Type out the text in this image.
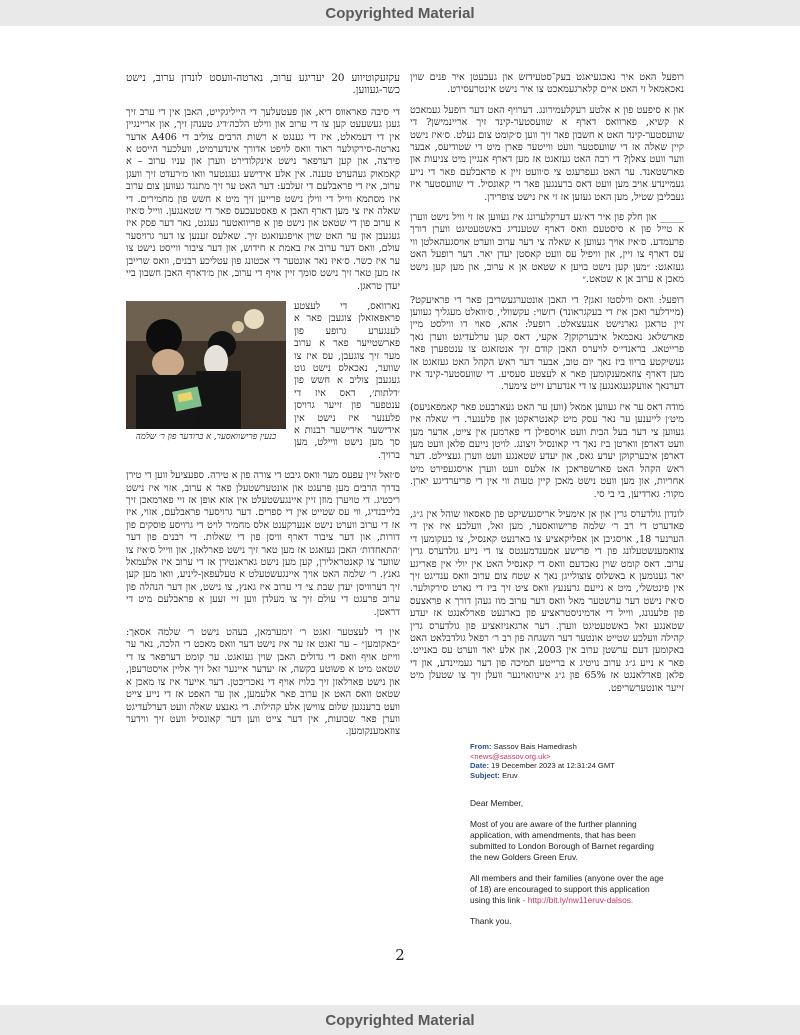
Copyrighted Material

רופעל האט איר נאכגעיאגט בעק־סטעידזש און געבעטן איר פנים שוין נאכאמאל זי האט איים קלארגעמאכט צו איר נישט אינטרעסירט.

און א סיפעט פון א אלטע רעקלעמירונג. דערויף האט דער רופעל געמאכט א קשיא, פארוואס דארף א שוועסטער-קינד זיך אריינמישן? די שוועסטער-קינד האט א חשבון פאר זיך ווען ס׳קומט צום געלט. ס׳איז נישט קיין שאלה אז די שוועסטער וועט ווייטער פארן מיט די שטודיעס, אבער ווער וועט צאלן? די רבה האט געזאגט אז מען דארף אנגיין מיט צניעות און פארשטאנד. ער האט געפרעגט צי ס׳וועט זיין א פראבלעם פאר די נייע געמיינדע אויב מען וועט דאס ברענגען פאר די קאונסיל. די שוועסטער איז געבליבן שטיל, מען האט געזען אז זי איז נישט צופרידן.

_____ און חלק פון איר דא׳גע דערקלערונג איז געווען אז זי וויל נישט ווערן א טייל פון א סיסטעם וואס דארף שטענדיג באשטעטיגט ווערן דורך פרעמדע. ס׳איז אויך געווען א שאלה צי דער ערוב ווערט אויסגעהאלטן ווי עס דארף צו זיין, און וויפיל עס וועט קאסטן יעדן יאר. דער רופעל האט געזאגט: ״מען קען נישט בויען א שטאט אן א ערוב, און מען קען נישט מאכן א ערוב אן א שטאט.״

רופעל: וואס ווילסטו זאגן? די האבן אונטערגעשריבן פאר די פראיעקט? (מיידלער ואכן איז די בעקגראונד) דזשוי: עקשוולי, ס׳וואלט מעגליך געווען זיין טראגן גארנישט אנגעצאלט. רופעל: אהא, סאוי דו ווילסט מיין פארשלאג נאכמאל איבערקוקן? אקעי, דאס קען ערלעדיגט ווערן נאך פרייטאג. בראנדי׳ס לויערס האבן קודם זיך אנטזאגט צו ענטפערן פאר געשיקטע בריוו ביז נאך יום טוב, אבער דער ראש הקהל האט געזאגט אז מען דארף צוזאמענקומען פאר א לעצטע סעסיע. די שוועסטער-קינד איז דערנאך אוועקגעגאנגען צו די אנדערע זייט צימער.

מודה דאס ער איז געווען אמאל (ווען ער האט געארבעט פאר קאמפאניעס) מיט׳ן לייענען ער נאר עסק מיט קאנטראקטן און פלענער. די שאלה איז געווען צי דער בעל הבית וועט אויספילן די פארמען אין צייט, אדער מען וועט דארפן ווארטן ביז נאך די קאונסיל זיצונג. לויטן נייעם פלאן וועט מען דארפן איבערקוקן יעדע גאס, און יעדע שטאנגע וועט ווערן געציילט. דער ראש הקהל האט פארשפראכן אז אלעס וועט ווערן אויסגעפירט מיט אחריות, און מען וועט נישט מאכן קיין טעות ווי אין די פריערדיגע יארן. מקור: גארדיען, בי בי סי.

לונדון גולדערס גרין און אן אימעיל אריסגעשיקט פון סאסאוו שוהל אין ג״ג, פאדערט די רב ר׳ שלמה פרישוואסער, מען זאל, וועלכע איז אין די הערנער 18, אויסגיבן אן אפליקאציע צו בארנעט קאנסיל, צו בעקומען די צוואמענשטעלונג פון די פרישע אמענדמענטס צו די נייע גולדערס גרין ערוב. דאס קומט שוין נאכדעם וואס די קאנסיל האט אין יולי אין פאריגע יאר גענומען א באשלוס צוצולייגן נאך א שטח צום ערוב וואס ענדיגט זיך אין פינטשלי, מיט א נייעם גרענעץ וואס ציט זיך ביז די נארט סירקולער. ס׳איז נישט דער ערשטער מאל וואס דער ערוב מוז געהן דורך א פראצעס פון פלענונג, ווייל די אדמיניסטראציע פון בארנעט פארלאנגט אז יעדע שטאנגע זאל באשטעטיגט ווערן. דער ארגאניזאציע פון גולדערס גרין קהילה וועלכע שטייט אונטער דער השגחה פון רב ר׳ רפאל גולדבלאט האט באקומען דעם ערשטן ערוב אין 2003, און אלע יאר ווערט עס באנייט. פאר א נייע ג״ג ערוב נויטיג א ברייטע תמיכה פון דער געמיינדע, און די פלאן פארלאנגט אז 65% פון ג״ג איינוואוינער וועלן זיך צו שטעלן מיט זייער אונטערשריפט.

עקזעקוטיווע 20 יעריגע ערוב, נארטה-וועסט לונדון ערוב, נישט כשר-געווען.

די סיבה פאראווס דיא, און פעטעלעך די הייליגקייט, האבן אין די ערב זיך געגן געשעעט קען צו די ערוב און ווילט הלכה׳דיג טענהן זיך, און אריינגיין אין די דעמאלט, איז די גענגט א רשות הרבים צוליב די A406 אדער נארטה-סירקולער ראוד וואס לויפט אדורך אינדערמיט, וועלכער הייסט א פירצה, און קען דערפאר נישט אינקלודירט ווערן און עניו ערוב – א קאמאוק געהערט טענה. אין אלע אידישע געגנטער וואו מ׳רעדט זיך וועגן ערוב, איז די פראבלעם די זעלבע: דער האט ער זיך מתנגד געווען צום ערוב איז מסתמא ווייל די ווילן נישט פרייען זיך מיט א חשש פון מחמירים. די שאלה איז צי מען דארף האבן א פאסטעכעס פאר די שטאנגען. ווייל ס׳איז א ערוב פון די שטאט און נישט פון א פריוואטער געגנט, נאר דער פסק איז געגעבן און ער האט שוין אויפגעזאגט זיך. שאלעס זענען צו דער גרויסער עולם, וואס דער ערוב איז באמת א חידוש, און דער ציבור ווייסט נישט צו ער איז כשר. ס׳איז נאר אונטער די אכטונג פון עטליכע רבנים, וואס שרייבן אז מען טאר זיך נישט סומך זיין אויף די ערוב, און מ׳דארף האבן חשבון ביי יעדן טראגן.

כנעין פרישוואסער, א ברודער פון ר׳ שלמה

נארוואס, די לעצטע פראפאזאלן צוגעבן פאר א לענגערע גרופע פון פארשטייער פאר א ערוב מער זיך צוגעבן, עס איז צו שווער, נאכאלס נישט גוט געגעבן צוליב א חשש פון ׳דלתות׳, דאס איז די ענטפער פון זייער גרויסן פלענער איז נישט אין אידישער אידישער רבנות א סך מען נישט וויילט, מען ברויך.

ס׳זאל זיין עפעס מער וואס גיבט די צורה פון א טירה. ספעציעל ווען די טירן בדרך הרבים מען פרעגט און אונטערשטעלן פאר א ערוב, אזוי איז נישט ריכטיג. די טויערן מוזן זיין איינגעשטעלט אין אזא אופן אז זיי פארמאכן זיך בלייבנדיג, ווי עס שטייט אין די ספרים. דער גרויסער פראבלעם, אזוי, איז אז די ערוב ווערט נישט אנערקענט אלס מחמיר לויט די גרויסע פוסקים פון דורות, און דער ציבור דארף וויסן פון די שאלות. די רבנים פון דער ׳התאחדות׳ האבן געזאגט אז מען טאר זיך נישט פארלאזן, און ווייל ס׳איז צו שווער צו קאנטראלירן, קען מען נישט גאראנטירן אז די ערוב איז אלעמאל גאנץ. ר׳ שלמה האט אויך איינגעשטעלט א טעלעפאן-ליניע, וואו מען קען זיך דערוויסן יעדן שבת צי די ערוב איז גאנץ, צו נישט, און דער הנהלה פון ערוב פרעגט די עולם זיך צו מעלדן ווען זיי זעען א פראבלעם מיט די דראטן.

אין די לעצטער זאגט ר׳ זימערמאן, בעהט נישט ר׳ שלמה אסאך: ״באקומען״ – ער זאגט אז ער איז נישט דער וואס מאכט די הלכה, נאר ער ווייזט אויף וואס די גדולים האבן שוין געזאגט. ער קומט דערפאר צו די שטאט מיט א פשוטע בקשה, אז יעדער איינער זאל זיך אליין אויסטרעפן, און נישט פארלאזן זיך בלויז אויף די נאכריכטן. דער אייער איז צו מאכן א שטאט וואס האט אן ערוב פאר אלעמען, און ער האפט אז די נייע צייט וועט ברענגען שלום צווישן אלע קהילות. די גאנצע שאלה וועט דערלעדיגט ווערן פאר שבועות, אין דער צייט ווען דער קאונסיל וועט זיך ווידער צוזאמענקומען.

From: Sassov Bais Hamedrash
<news@sassov.org.uk>
Date: 19 December 2023 at 12:31:24 GMT
Subject: Eruv

Dear Member,

Most of you are aware of the further planning application, with amendments, that has been submitted to London Borough of Barnet regarding the new Golders Green Eruv.

All members and their families (anyone over the age of 18) are encouraged to support this application using this link - http://bit.ly/nw11eruv-dalsos.

Thank you.

2
Copyrighted Material
